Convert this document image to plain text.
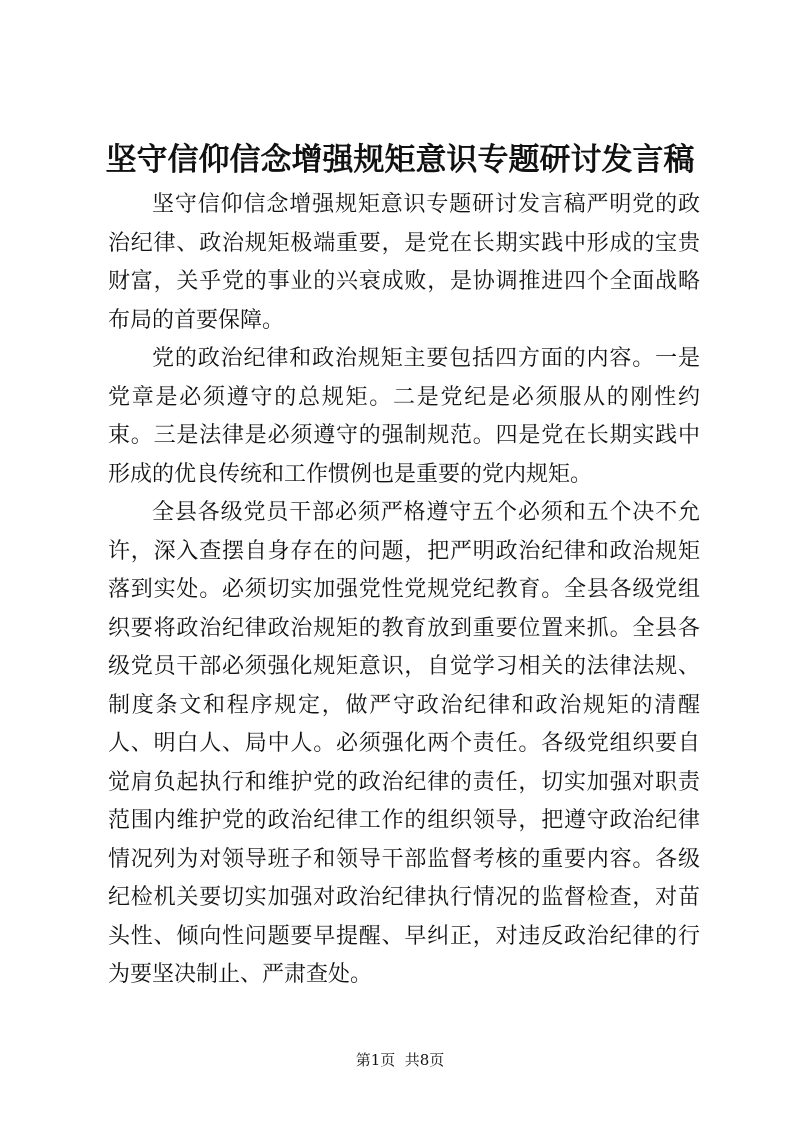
坚守信仰信念增强规矩意识专题研讨发言稿

坚守信仰信念增强规矩意识专题研讨发言稿严明党的政治纪律、政治规矩极端重要，是党在长期实践中形成的宝贵财富，关乎党的事业的兴衰成败，是协调推进四个全面战略布局的首要保障。

党的政治纪律和政治规矩主要包括四方面的内容。一是党章是必须遵守的总规矩。二是党纪是必须服从的刚性约束。三是法律是必须遵守的强制规范。四是党在长期实践中形成的优良传统和工作惯例也是重要的党内规矩。

全县各级党员干部必须严格遵守五个必须和五个决不允许，深入查摆自身存在的问题，把严明政治纪律和政治规矩落到实处。必须切实加强党性党规党纪教育。全县各级党组织要将政治纪律政治规矩的教育放到重要位置来抓。全县各级党员干部必须强化规矩意识，自觉学习相关的法律法规、制度条文和程序规定，做严守政治纪律和政治规矩的清醒人、明白人、局中人。必须强化两个责任。各级党组织要自觉肩负起执行和维护党的政治纪律的责任，切实加强对职责范围内维护党的政治纪律工作的组织领导，把遵守政治纪律情况列为对领导班子和领导干部监督考核的重要内容。各级纪检机关要切实加强对政治纪律执行情况的监督检查，对苗头性、倾向性问题要早提醒、早纠正，对违反政治纪律的行为要坚决制止、严肃查处。

第1页  共8页
